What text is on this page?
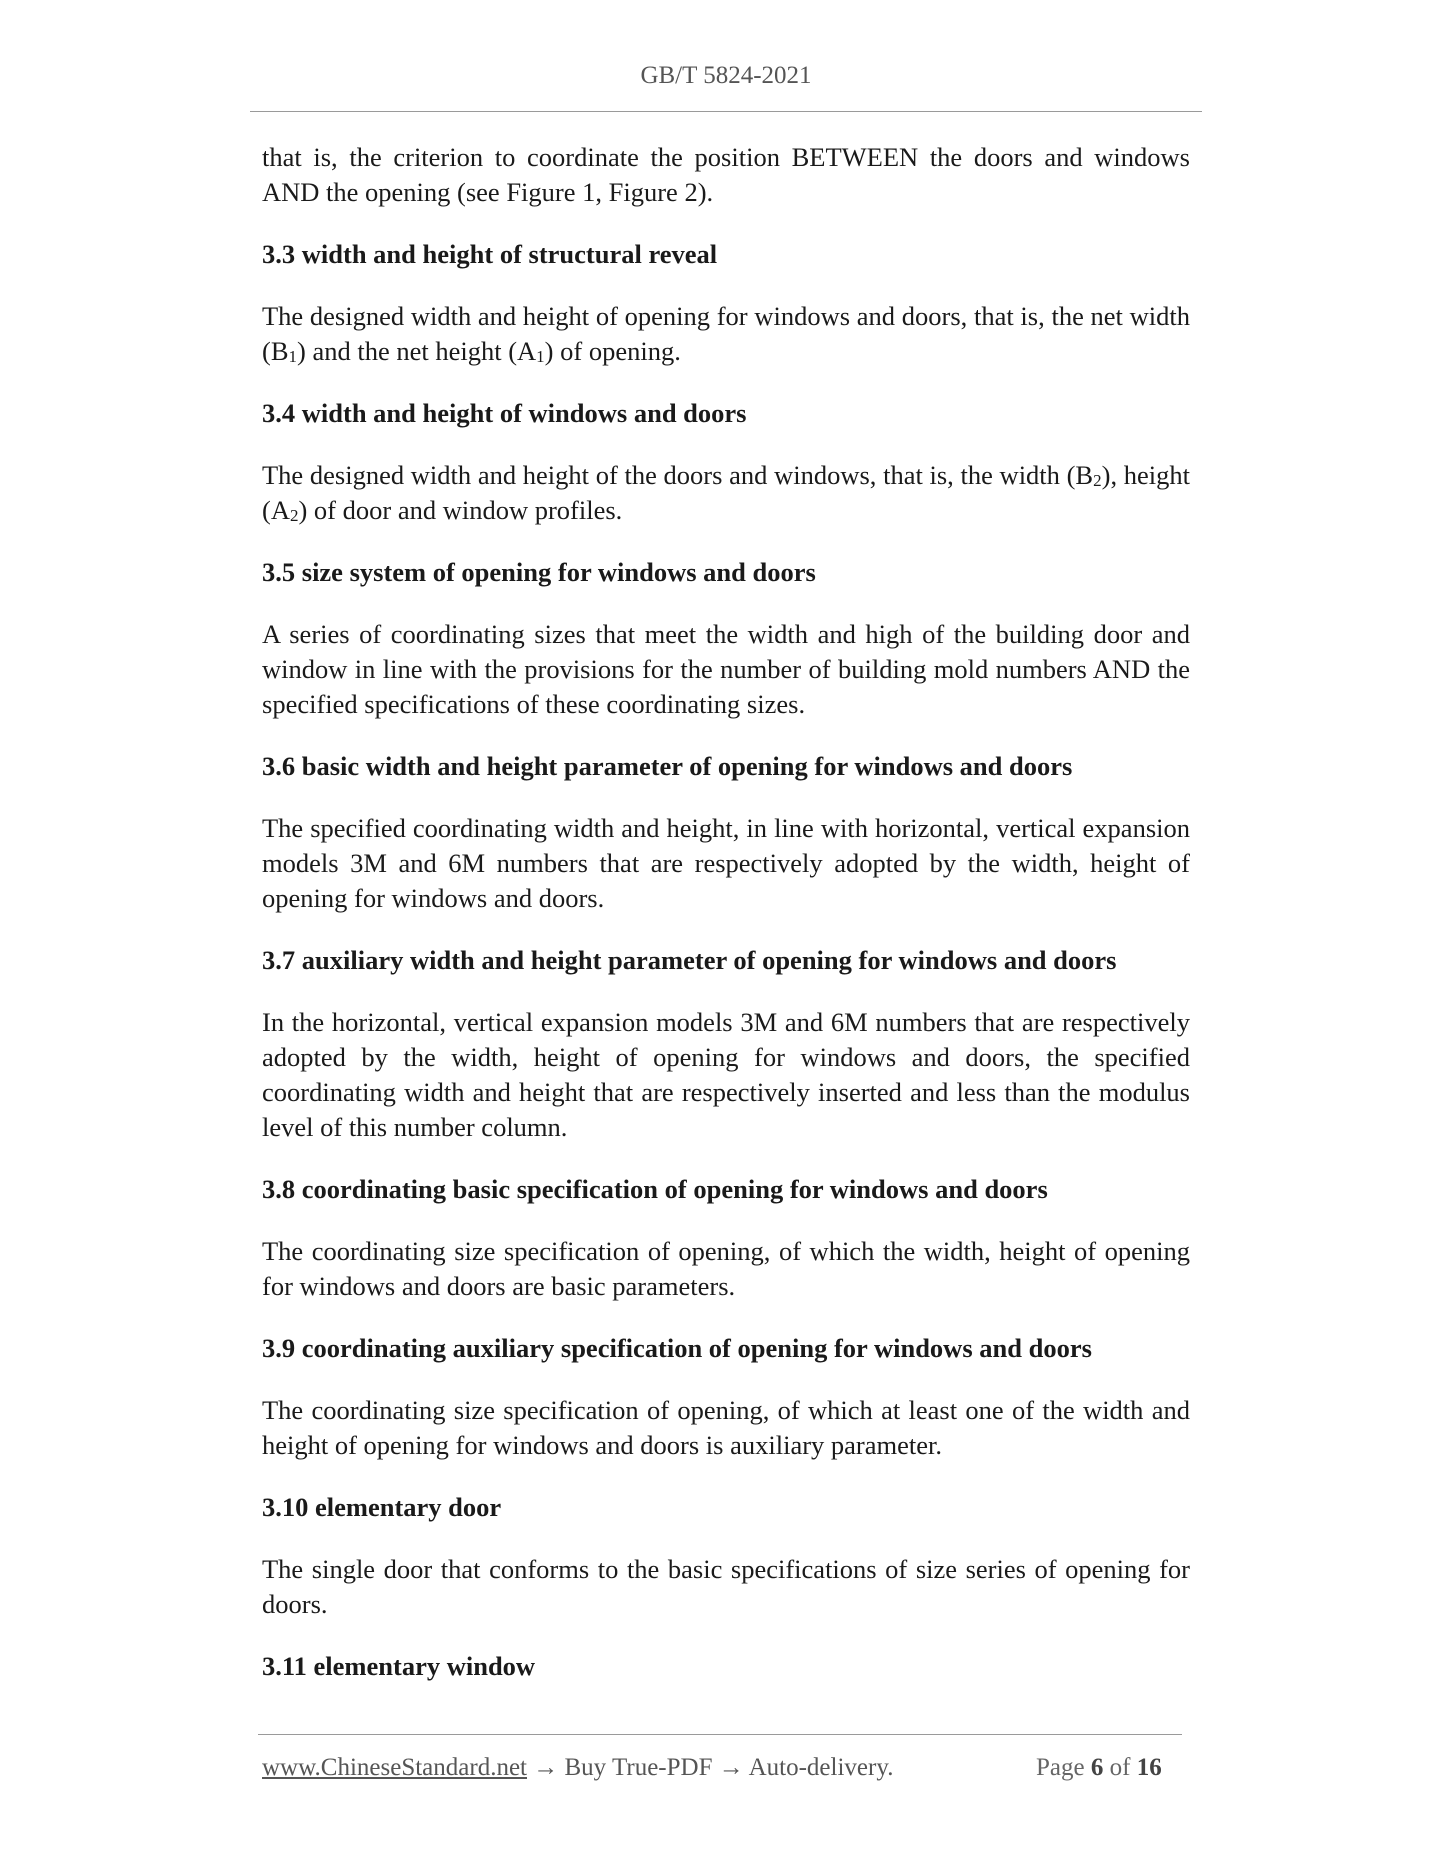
GB/T 5824-2021

that is, the criterion to coordinate the position BETWEEN the doors and windows AND the opening (see Figure 1, Figure 2).

3.3 width and height of structural reveal

The designed width and height of opening for windows and doors, that is, the net width $(B_1)$ and the net height $(A_1)$ of opening.

3.4 width and height of windows and doors

The designed width and height of the doors and windows, that is, the width $(B_2)$, height $(A_2)$ of door and window profiles.

3.5 size system of opening for windows and doors

A series of coordinating sizes that meet the width and high of the building door and window in line with the provisions for the number of building mold numbers AND the specified specifications of these coordinating sizes.

3.6 basic width and height parameter of opening for windows and doors

The specified coordinating width and height, in line with horizontal, vertical expansion models 3M and 6M numbers that are respectively adopted by the width, height of opening for windows and doors.

3.7 auxiliary width and height parameter of opening for windows and doors

In the horizontal, vertical expansion models 3M and 6M numbers that are respectively adopted by the width, height of opening for windows and doors, the specified coordinating width and height that are respectively inserted and less than the modulus level of this number column.

3.8 coordinating basic specification of opening for windows and doors

The coordinating size specification of opening, of which the width, height of opening for windows and doors are basic parameters.

3.9 coordinating auxiliary specification of opening for windows and doors

The coordinating size specification of opening, of which at least one of the width and height of opening for windows and doors is auxiliary parameter.

3.10 elementary door

The single door that conforms to the basic specifications of size series of opening for doors.

3.11 elementary window
www.ChineseStandard.net → Buy True-PDF → Auto-delivery.	Page 6 of 16
